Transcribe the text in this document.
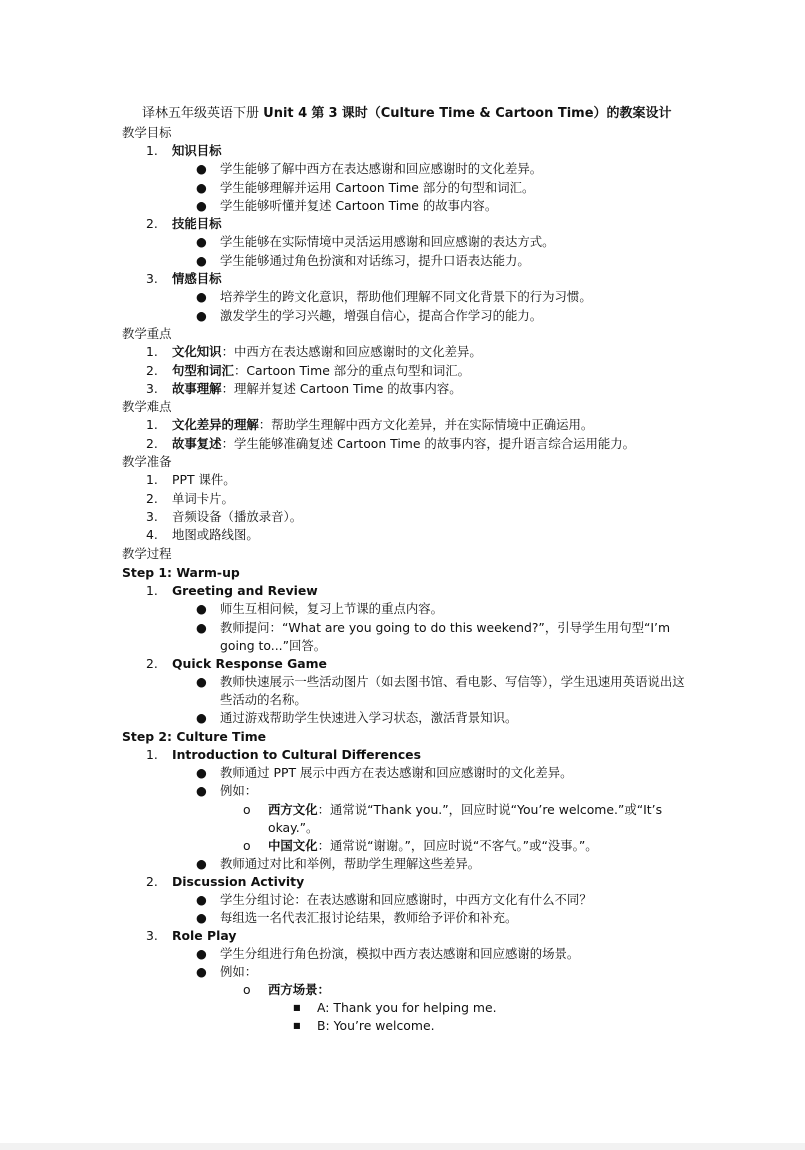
译林五年级英语下册 Unit 4 第 3 课时（Culture Time & Cartoon Time）的教案设计
教学目标
1. 知识目标
● 学生能够了解中西方在表达感谢和回应感谢时的文化差异。
● 学生能够理解并运用 Cartoon Time 部分的句型和词汇。
● 学生能够听懂并复述 Cartoon Time 的故事内容。
2. 技能目标
● 学生能够在实际情境中灵活运用感谢和回应感谢的表达方式。
● 学生能够通过角色扮演和对话练习，提升口语表达能力。
3. 情感目标
● 培养学生的跨文化意识，帮助他们理解不同文化背景下的行为习惯。
● 激发学生的学习兴趣，增强自信心，提高合作学习的能力。
教学重点
1. 文化知识：中西方在表达感谢和回应感谢时的文化差异。
2. 句型和词汇：Cartoon Time 部分的重点句型和词汇。
3. 故事理解：理解并复述 Cartoon Time 的故事内容。
教学难点
1. 文化差异的理解：帮助学生理解中西方文化差异，并在实际情境中正确运用。
2. 故事复述：学生能够准确复述 Cartoon Time 的故事内容，提升语言综合运用能力。
教学准备
1. PPT 课件。
2. 单词卡片。
3. 音频设备（播放录音）。
4. 地图或路线图。
教学过程
Step 1: Warm-up
1. Greeting and Review
● 师生互相问候，复习上节课的重点内容。
● 教师提问：“What are you going to do this weekend?”，引导学生用句型“I’m going to...”回答。
2. Quick Response Game
● 教师快速展示一些活动图片（如去图书馆、看电影、写信等），学生迅速用英语说出这些活动的名称。
● 通过游戏帮助学生快速进入学习状态，激活背景知识。
Step 2: Culture Time
1. Introduction to Cultural Differences
● 教师通过 PPT 展示中西方在表达感谢和回应感谢时的文化差异。
● 例如：
o 西方文化：通常说“Thank you.”，回应时说“You’re welcome.”或“It’s okay.”。
o 中国文化：通常说“谢谢。”，回应时说“不客气。”或“没事。”。
● 教师通过对比和举例，帮助学生理解这些差异。
2. Discussion Activity
● 学生分组讨论：在表达感谢和回应感谢时，中西方文化有什么不同？
● 每组选一名代表汇报讨论结果，教师给予评价和补充。
3. Role Play
● 学生分组进行角色扮演，模拟中西方表达感谢和回应感谢的场景。
● 例如：
o 西方场景：
■ A: Thank you for helping me.
■ B: You’re welcome.
